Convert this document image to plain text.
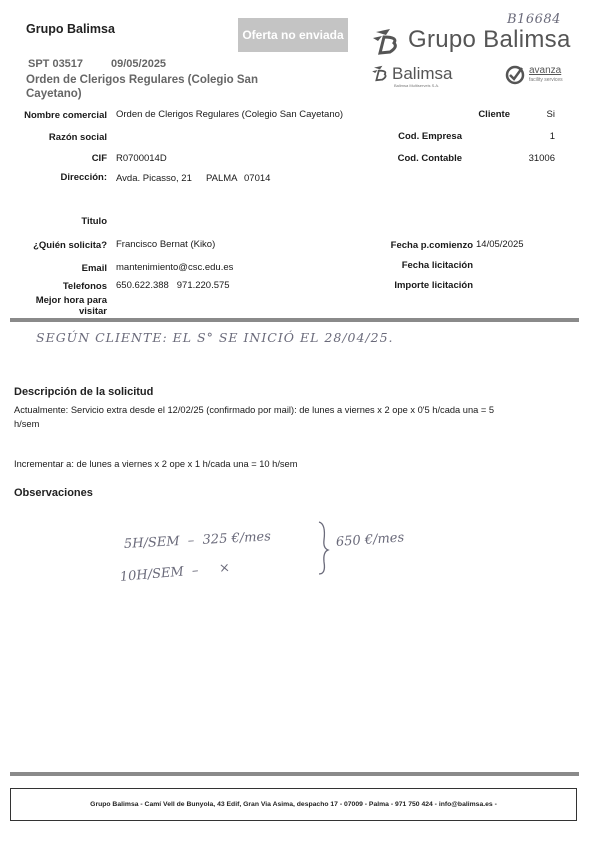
Grupo Balimsa	Oferta no enviada
SPT 03517	09/05/2025
Orden de Clerigos Regulares (Colegio San
Cayetano)
B16684
Grupo Balimsa
Balimsa
Balimsa Multiserveis S.A.
avanza
facility services
Nombre comercial Orden de Clerigos Regulares (Colegio San Cayetano)
Razón social
CIF R0700014D
Dirección: Avda. Picasso, 21 PALMA 07014
Titulo
¿Quién solicita? Francisco Bernat (Kiko)
Email mantenimiento@csc.edu.es
Telefonos 650.622.388   971.220.575
Mejor hora para
visitar
Cliente	Si
Cod. Empresa	1
Cod. Contable	31006
Fecha p.comienzo 14/05/2025
Fecha licitación
Importe licitación
SEGÚN CLIENTE: EL S° SE INICIÓ EL 28/04/25.
Descripción de la solicitud
Actualmente: Servicio extra desde el 12/02/25 (confirmado por mail): de lunes a viernes x 2 ope x 0'5 h/cada una = 5
h/sem
Incrementar a: de lunes a viernes x 2 ope x 1 h/cada una = 10 h/sem
Observaciones
5H/SEM  –  325 €/mes
10H/SEM  –     ×
650 €/mes
Grupo Balimsa - Camí Vell de Bunyola, 43 Edif, Gran Via Asima, despacho 17 - 07009 - Palma - 971 750 424 - info@balimsa.es -
